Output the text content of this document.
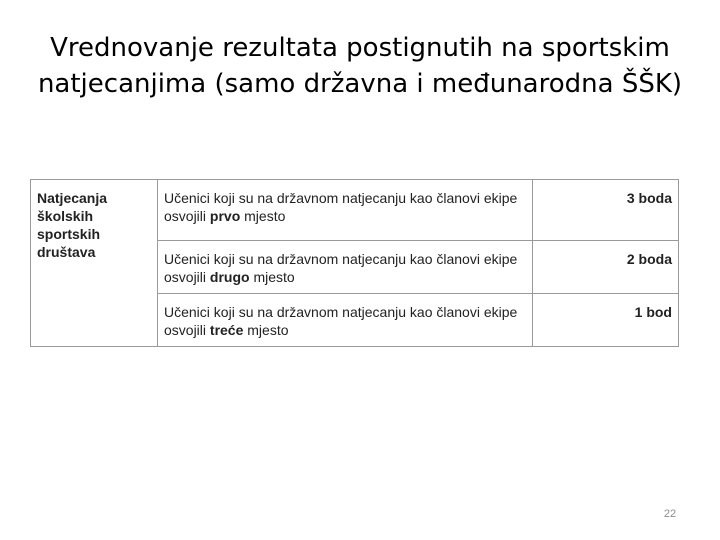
Vrednovanje rezultata postignutih na sportskim
natjecanjima (samo državna i međunarodna ŠŠK)
Natjecanja školskih sportskih društava	Učenici koji su na državnom natjecanju kao članovi ekipe osvojili prvo mjesto	3 boda
	Učenici koji su na državnom natjecanju kao članovi ekipe osvojili drugo mjesto	2 boda
	Učenici koji su na državnom natjecanju kao članovi ekipe osvojili treće mjesto	1 bod
22
